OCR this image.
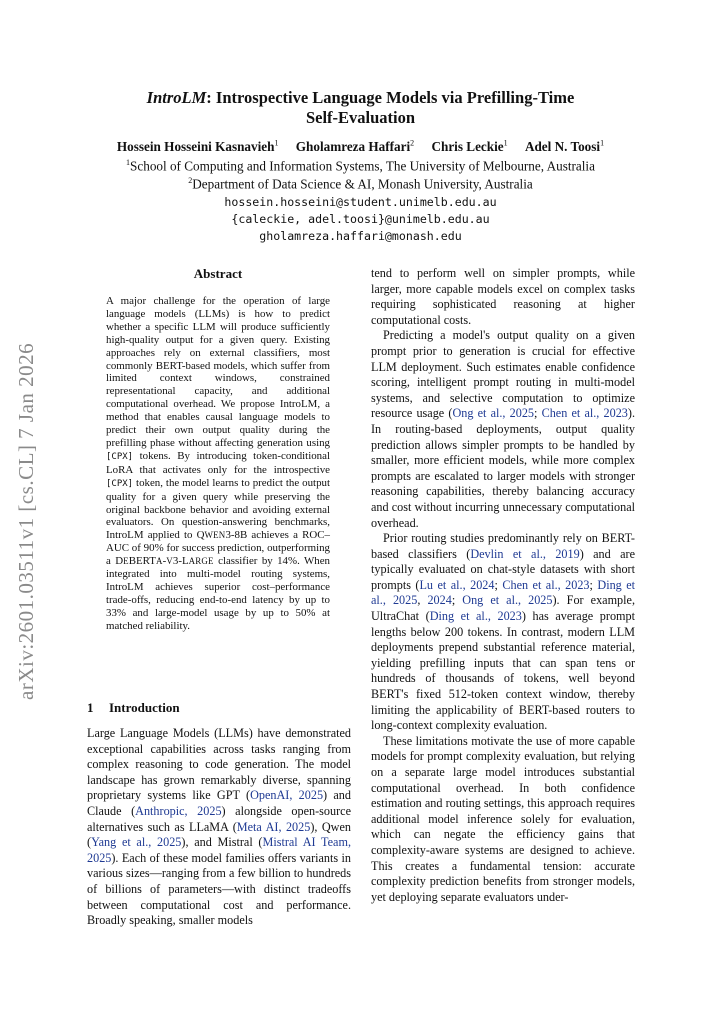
arXiv:2601.03511v1 [cs.CL] 7 Jan 2026
IntroLM: Introspective Language Models via Prefilling-Time
Self-Evaluation
Hossein Hosseini Kasnavieh$^1$ Gholamreza Haffari$^2$ Chris Leckie$^1$ Adel N. Toosi$^1$
$^1$School of Computing and Information Systems, The University of Melbourne, Australia
$^2$Department of Data Science & AI, Monash University, Australia
hossein.hosseini@student.unimelb.edu.au
{caleckie, adel.toosi}@unimelb.edu.au
gholamreza.haffari@monash.edu
Abstract
A major challenge for the operation of large language models (LLMs) is how to predict whether a specific LLM will produce sufficiently high-quality output for a given query. Existing approaches rely on external classifiers, most commonly BERT-based models, which suffer from limited context windows, constrained representational capacity, and additional computational overhead. We propose IntroLM, a method that enables causal language models to predict their own output quality during the prefilling phase without affecting generation using [CPX] tokens. By introducing token-conditional LoRA that activates only for the introspective [CPX] token, the model learns to predict the output quality for a given query while preserving the original backbone behavior and avoiding external evaluators. On question-answering benchmarks, IntroLM applied to QWEN3-8B achieves a ROC–AUC of 90% for success prediction, outperforming a DEBERTA-V3-LARGE classifier by 14%. When integrated into multi-model routing systems, IntroLM achieves superior cost–performance trade-offs, reducing end-to-end latency by up to 33% and large-model usage by up to 50% at matched reliability.
1 Introduction

Large Language Models (LLMs) have demonstrated exceptional capabilities across tasks ranging from complex reasoning to code generation. The model landscape has grown remarkably diverse, spanning proprietary systems like GPT (OpenAI, 2025) and Claude (Anthropic, 2025) alongside open-source alternatives such as LLaMA (Meta AI, 2025), Qwen (Yang et al., 2025), and Mistral (Mistral AI Team, 2025). Each of these model families offers variants in various sizes—ranging from a few billion to hundreds of billions of parameters—with distinct tradeoffs between computational cost and performance. Broadly speaking, smaller models

tend to perform well on simpler prompts, while larger, more capable models excel on complex tasks requiring sophisticated reasoning at higher computational costs.

Predicting a model's output quality on a given prompt prior to generation is crucial for effective LLM deployment. Such estimates enable confidence scoring, intelligent prompt routing in multi-model systems, and selective computation to optimize resource usage (Ong et al., 2025; Chen et al., 2023). In routing-based deployments, output quality prediction allows simpler prompts to be handled by smaller, more efficient models, while more complex prompts are escalated to larger models with stronger reasoning capabilities, thereby balancing accuracy and cost without incurring unnecessary computational overhead.

Prior routing studies predominantly rely on BERT-based classifiers (Devlin et al., 2019) and are typically evaluated on chat-style datasets with short prompts (Lu et al., 2024; Chen et al., 2023; Ding et al., 2025, 2024; Ong et al., 2025). For example, UltraChat (Ding et al., 2023) has average prompt lengths below 200 tokens. In contrast, modern LLM deployments prepend substantial reference material, yielding prefilling inputs that can span tens or hundreds of thousands of tokens, well beyond BERT's fixed 512-token context window, thereby limiting the applicability of BERT-based routers to long-context complexity evaluation.

These limitations motivate the use of more capable models for prompt complexity evaluation, but relying on a separate large model introduces substantial computational overhead. In both confidence estimation and routing settings, this approach requires additional model inference solely for evaluation, which can negate the efficiency gains that complexity-aware systems are designed to achieve. This creates a fundamental tension: accurate complexity prediction benefits from stronger models, yet deploying separate evaluators under-
